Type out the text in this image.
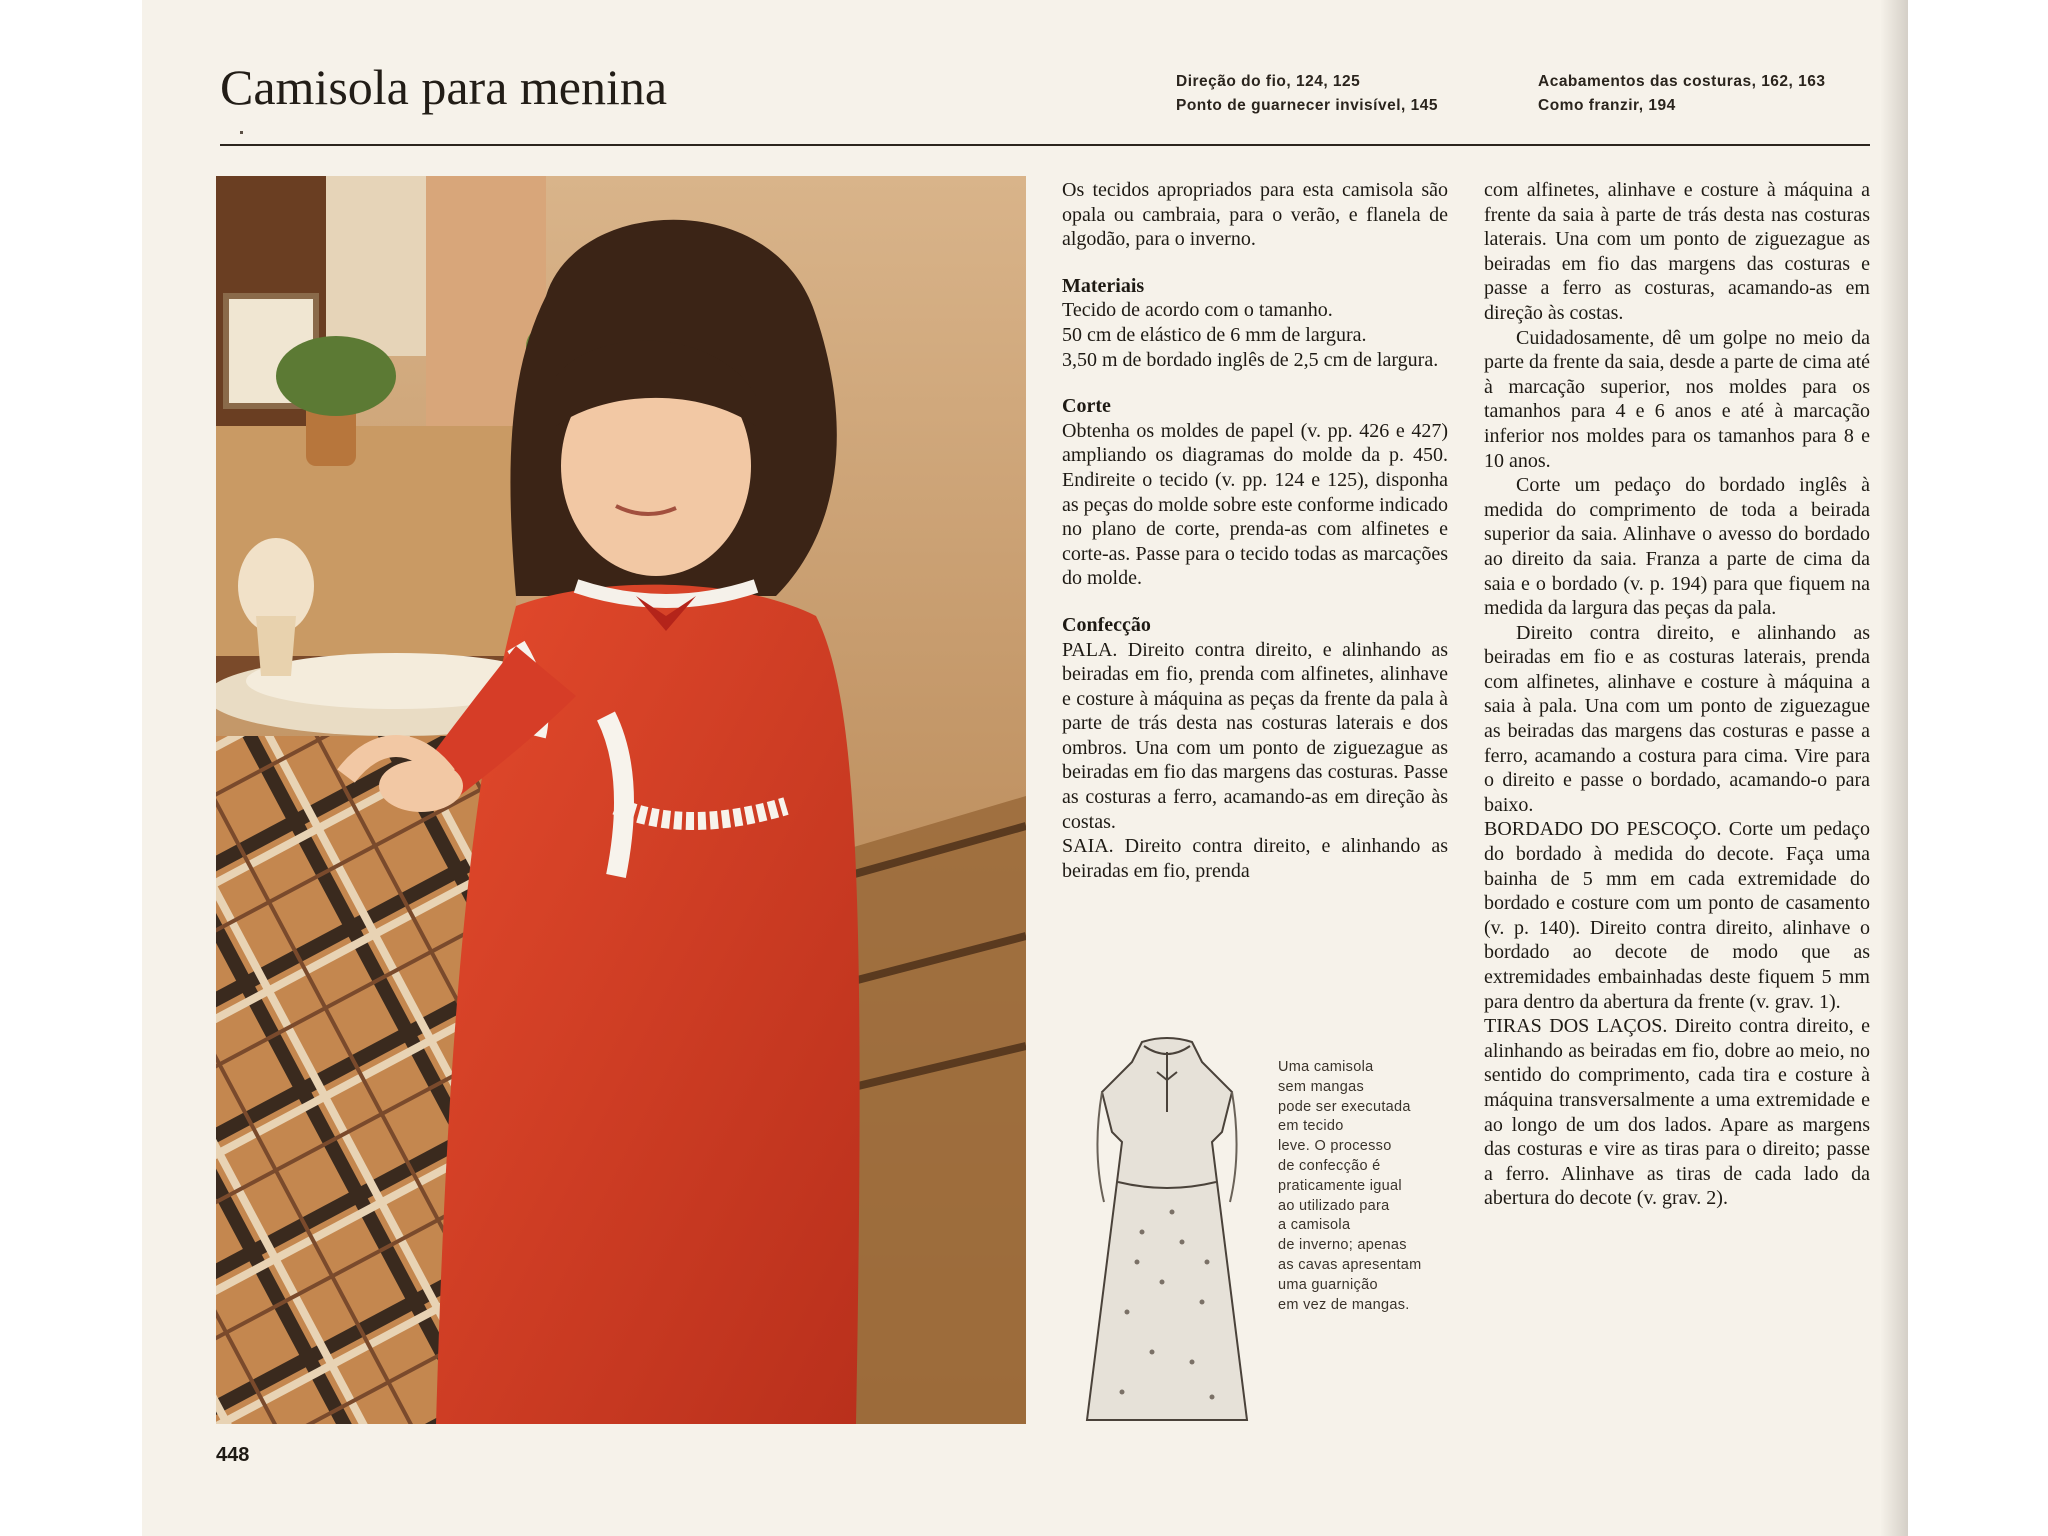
Camisola para menina	Direção do fio, 124, 125
Ponto de guarnecer invisível, 145
Acabamentos das costuras, 162, 163
Como franzir, 194

Os tecidos apropriados para esta camisola são opala ou cambraia, para o verão, e flanela de algodão, para o inverno.

Materiais

Tecido de acordo com o tamanho.

50 cm de elástico de 6 mm de largura.

3,50 m de bordado inglês de 2,5 cm de largura.

Corte

Obtenha os moldes de papel (v. pp. 426 e 427) ampliando os diagramas do molde da p. 450. Endireite o tecido (v. pp. 124 e 125), disponha as peças do molde sobre este conforme indicado no plano de corte, prenda-as com alfinetes e corte-as. Passe para o tecido todas as marcações do molde.

Confecção

PALA. Direito contra direito, e alinhando as beiradas em fio, prenda com alfinetes, alinhave e costure à máquina as peças da frente da pala à parte de trás desta nas costuras laterais e dos ombros. Una com um ponto de ziguezague as beiradas em fio das margens das costuras. Passe as costuras a ferro, acamando-as em direção às costas.

SAIA. Direito contra direito, e alinhando as beiradas em fio, prenda

Uma camisola
sem mangas
pode ser executada
em tecido
leve. O processo
de confecção é
praticamente igual
ao utilizado para
a camisola
de inverno; apenas
as cavas apresentam
uma guarnição
em vez de mangas.

com alfinetes, alinhave e costure à máquina a frente da saia à parte de trás desta nas costuras laterais. Una com um ponto de ziguezague as beiradas em fio das margens das costuras e passe a ferro as costuras, acamando-as em direção às costas.

Cuidadosamente, dê um golpe no meio da parte da frente da saia, desde a parte de cima até à marcação superior, nos moldes para os tamanhos para 4 e 6 anos e até à marcação inferior nos moldes para os tamanhos para 8 e 10 anos.

Corte um pedaço do bordado inglês à medida do comprimento de toda a beirada superior da saia. Alinhave o avesso do bordado ao direito da saia. Franza a parte de cima da saia e o bordado (v. p. 194) para que fiquem na medida da largura das peças da pala.

Direito contra direito, e alinhando as beiradas em fio e as costuras laterais, prenda com alfinetes, alinhave e costure à máquina a saia à pala. Una com um ponto de ziguezague as beiradas das margens das costuras e passe a ferro, acamando a costura para cima. Vire para o direito e passe o bordado, acamando-o para baixo.

BORDADO DO PESCOÇO. Corte um pedaço do bordado à medida do decote. Faça uma bainha de 5 mm em cada extremidade do bordado e costure com um ponto de casamento (v. p. 140). Direito contra direito, alinhave o bordado ao decote de modo que as extremidades embainhadas deste fiquem 5 mm para dentro da abertura da frente (v. grav. 1).

TIRAS DOS LAÇOS. Direito contra direito, e alinhando as beiradas em fio, dobre ao meio, no sentido do comprimento, cada tira e costure à máquina transversalmente a uma extremidade e ao longo de um dos lados. Apare as margens das costuras e vire as tiras para o direito; passe a ferro. Alinhave as tiras de cada lado da abertura do decote (v. grav. 2).

448
